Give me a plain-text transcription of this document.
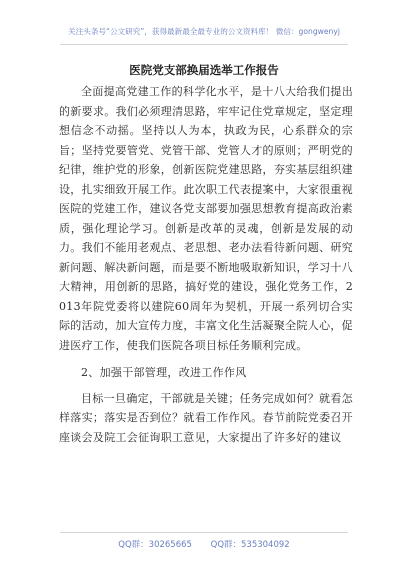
关注头条号“公文研究”，获得最新最全最专业的公文资料库！ 微信：gongwenyj
医院党支部换届选举工作报告

全面提高党建工作的科学化水平，是十八大给我们提出的新要求。我们必须理清思路，牢牢记住党章规定，坚定理想信念不动摇。坚持以人为本，执政为民，心系群众的宗旨；坚持党要管党、党管干部、党管人才的原则；严明党的纪律，维护党的形象，创新医院党建思路，夯实基层组织建设，扎实细致开展工作。此次职工代表提案中，大家很重视医院的党建工作，建议各党支部要加强思想教育提高政治素质，强化理论学习。创新是改革的灵魂，创新是发展的动力。我们不能用老观点、老思想、老办法看待新问题、研究新问题、解决新问题，而是要不断地吸取新知识，学习十八大精神，用创新的思路，搞好党的建设，强化党务工作，2013年院党委将以建院60周年为契机，开展一系列切合实际的活动，加大宣传力度，丰富文化生活凝聚全院人心，促进医疗工作，使我们医院各项目标任务顺利完成。

2、加强干部管理，改进工作作风

目标一旦确定，干部就是关键；任务完成如何？就看怎样落实；落实是否到位？就看工作作风。春节前院党委召开座谈会及院工会征询职工意见，大家提出了许多好的建议

QQ群：30265665 QQ群：535304092
